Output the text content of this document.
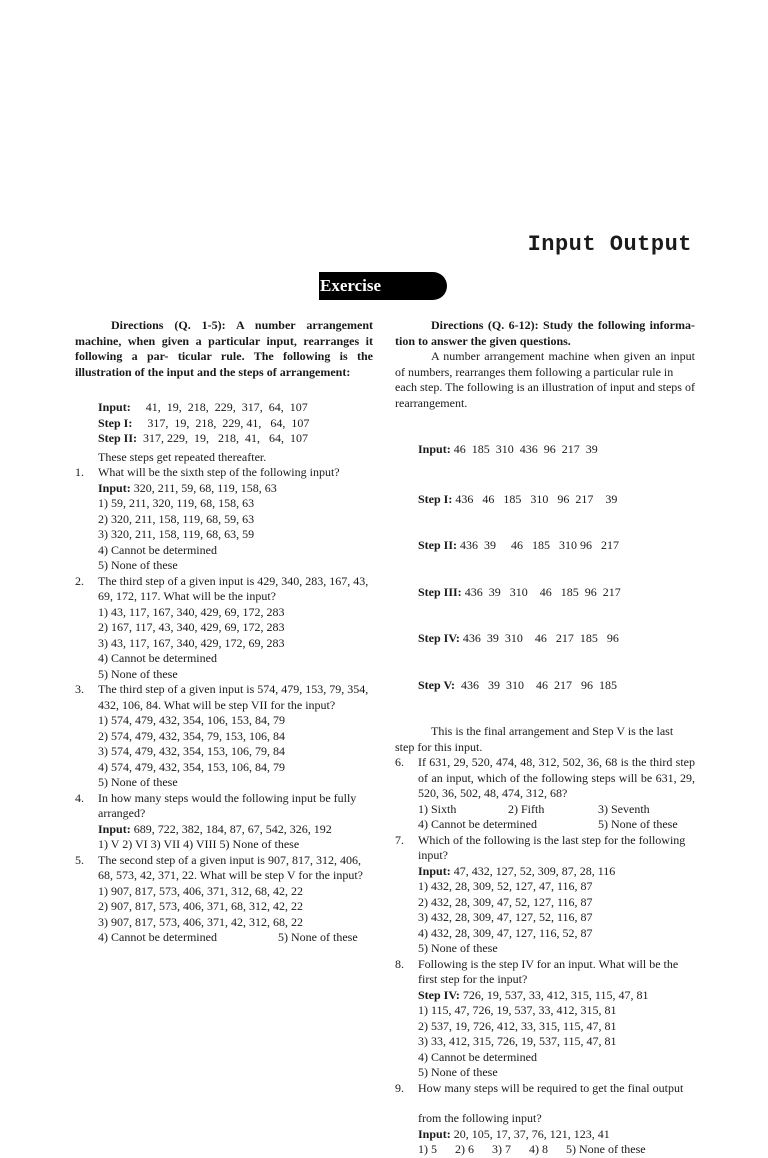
Input Output
Exercise

Directions (Q. 1-5): A number arrangement machine, when given a particular input, rearranges it following a par- ticular rule. The following is the illustration of the input and the steps of arrangement:

Input:     41,  19,  218,  229,  317,  64,  107
Step I:     317,  19,  218,  229, 41,   64,  107
Step II:  317, 229,  19,   218,  41,   64,  107
These steps get repeated thereafter.
1. What will be the sixth step of the following input?
Input: 320, 211, 59, 68, 119, 158, 63
1) 59, 211, 320, 119, 68, 158, 63
2) 320, 211, 158, 119, 68, 59, 63
3) 320, 211, 158, 119, 68, 63, 59
4) Cannot be determined
5) None of these
2. The third step of a given input is 429, 340, 283, 167, 43, 69, 172, 117. What will be the input?
1) 43, 117, 167, 340, 429, 69, 172, 283
2) 167, 117, 43, 340, 429, 69, 172, 283
3) 43, 117, 167, 340, 429, 172, 69, 283
4) Cannot be determined
5) None of these
3. The third step of a given input is 574, 479, 153, 79, 354, 432, 106, 84. What will be step VII for the input?
1) 574, 479, 432, 354, 106, 153, 84, 79
2) 574, 479, 432, 354, 79, 153, 106, 84
3) 574, 479, 432, 354, 153, 106, 79, 84
4) 574, 479, 432, 354, 153, 106, 84, 79
5) None of these
4. In how many steps would the following input be fully arranged?
Input: 689, 722, 382, 184, 87, 67, 542, 326, 192
1) V 2) VI 3) VII 4) VIII 5) None of these
5. The second step of a given input is 907, 817, 312, 406, 68, 573, 42, 371, 22. What will be step V for the input?
1) 907, 817, 573, 406, 371, 312, 68, 42, 22
2) 907, 817, 573, 406, 371, 68, 312, 42, 22
3) 907, 817, 573, 406, 371, 42, 312, 68, 22
4) Cannot be determined	5) None of these

Directions (Q. 6-12): Study the following informa- tion to answer the given questions.

A number arrangement machine when given an input of numbers, rearranges them following a particular rule in

each step. The following is an illustration of input and steps of rearrangement.

Input: 46  185  310  436  96  217  39

Step I: 436   46   185   310   96  217    39

Step II: 436  39     46   185   310 96   217

Step III: 436  39   310    46   185  96  217

Step IV: 436  39  310    46   217  185   96

Step V:  436   39  310    46  217   96  185

This is the final arrangement and Step V is the last step for this input.

6. If 631, 29, 520, 474, 48, 312, 502, 36, 68 is the third step of an input, which of the following steps will be 631, 29, 520, 36, 502, 48, 474, 312, 68?
1) Sixth	2) Fifth	3) Seventh
4) Cannot be determined	5) None of these
7. Which of the following is the last step for the following input?
Input: 47, 432, 127, 52, 309, 87, 28, 116
1) 432, 28, 309, 52, 127, 47, 116, 87
2) 432, 28, 309, 47, 52, 127, 116, 87
3) 432, 28, 309, 47, 127, 52, 116, 87
4) 432, 28, 309, 47, 127, 116, 52, 87
5) None of these
8. Following is the step IV for an input. What will be the first step for the input?
Step IV: 726, 19, 537, 33, 412, 315, 115, 47, 81
1) 115, 47, 726, 19, 537, 33, 412, 315, 81
2) 537, 19, 726, 412, 33, 315, 115, 47, 81
3) 33, 412, 315, 726, 19, 537, 115, 47, 81
4) Cannot be determined
5) None of these
9. How many steps will be required to get the final output
from the following input?
Input: 20, 105, 17, 37, 76, 121, 123, 41
1) 5      2) 6      3) 7      4) 8      5) None of these
